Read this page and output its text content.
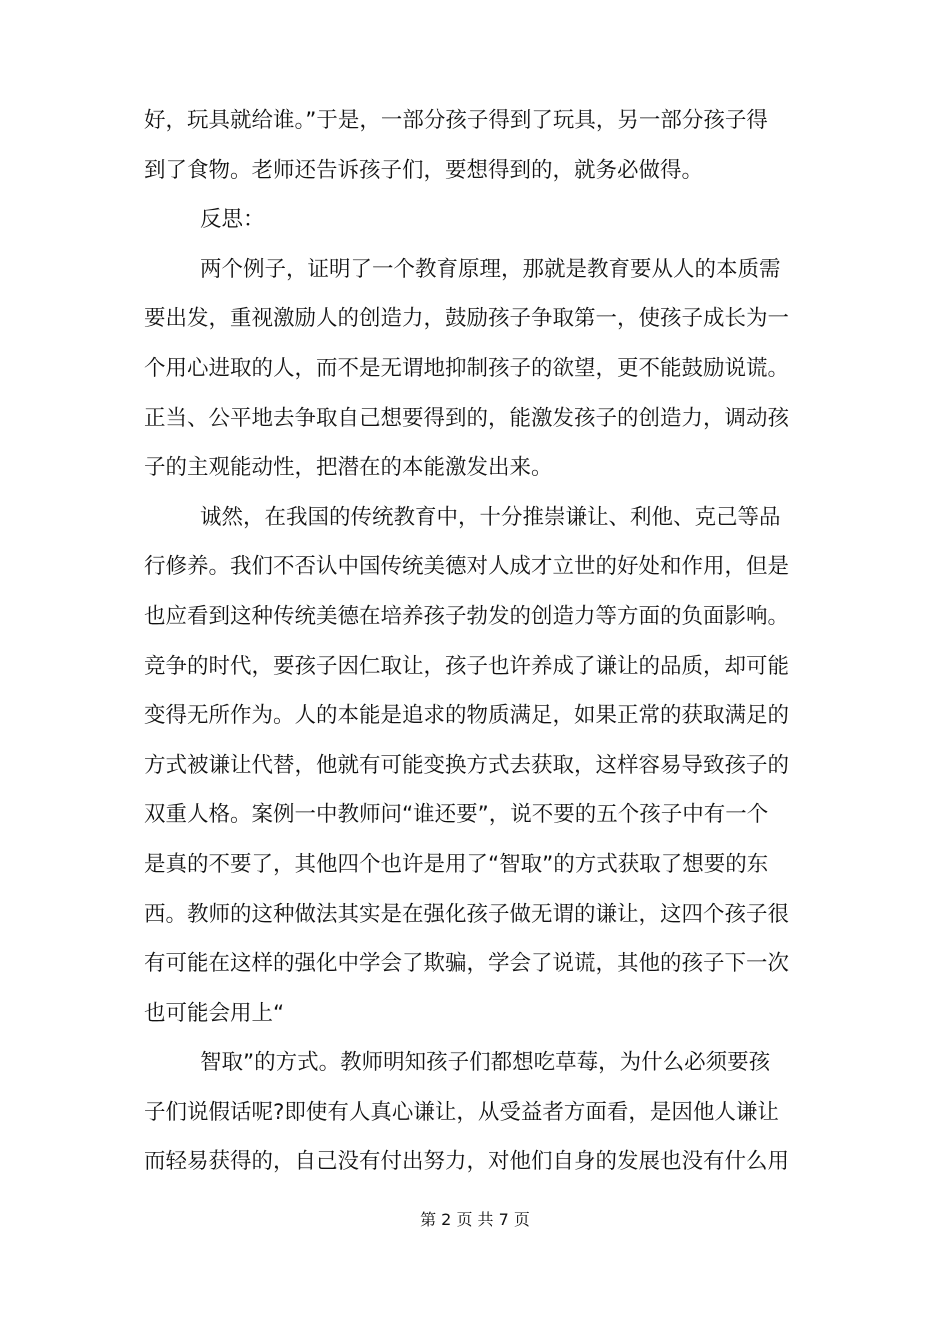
好，玩具就给谁。”于是，一部分孩子得到了玩具，另一部分孩子得
到了食物。老师还告诉孩子们，要想得到的，就务必做得。
反思：
两个例子，证明了一个教育原理，那就是教育要从人的本质需
要出发，重视激励人的创造力，鼓励孩子争取第一，使孩子成长为一
个用心进取的人，而不是无谓地抑制孩子的欲望，更不能鼓励说谎。
正当、公平地去争取自己想要得到的，能激发孩子的创造力，调动孩
子的主观能动性，把潜在的本能激发出来。
诚然，在我国的传统教育中，十分推崇谦让、利他、克己等品
行修养。我们不否认中国传统美德对人成才立世的好处和作用，但是
也应看到这种传统美德在培养孩子勃发的创造力等方面的负面影响。
竞争的时代，要孩子因仁取让，孩子也许养成了谦让的品质，却可能
变得无所作为。人的本能是追求的物质满足，如果正常的获取满足的
方式被谦让代替，他就有可能变换方式去获取，这样容易导致孩子的
双重人格。案例一中教师问“谁还要”，说不要的五个孩子中有一个
是真的不要了，其他四个也许是用了“智取”的方式获取了想要的东
西。教师的这种做法其实是在强化孩子做无谓的谦让，这四个孩子很
有可能在这样的强化中学会了欺骗，学会了说谎，其他的孩子下一次
也可能会用上“
智取”的方式。教师明知孩子们都想吃草莓，为什么必须要孩
子们说假话呢?即使有人真心谦让，从受益者方面看，是因他人谦让
而轻易获得的，自己没有付出努力，对他们自身的发展也没有什么用
第 2 页 共 7 页
